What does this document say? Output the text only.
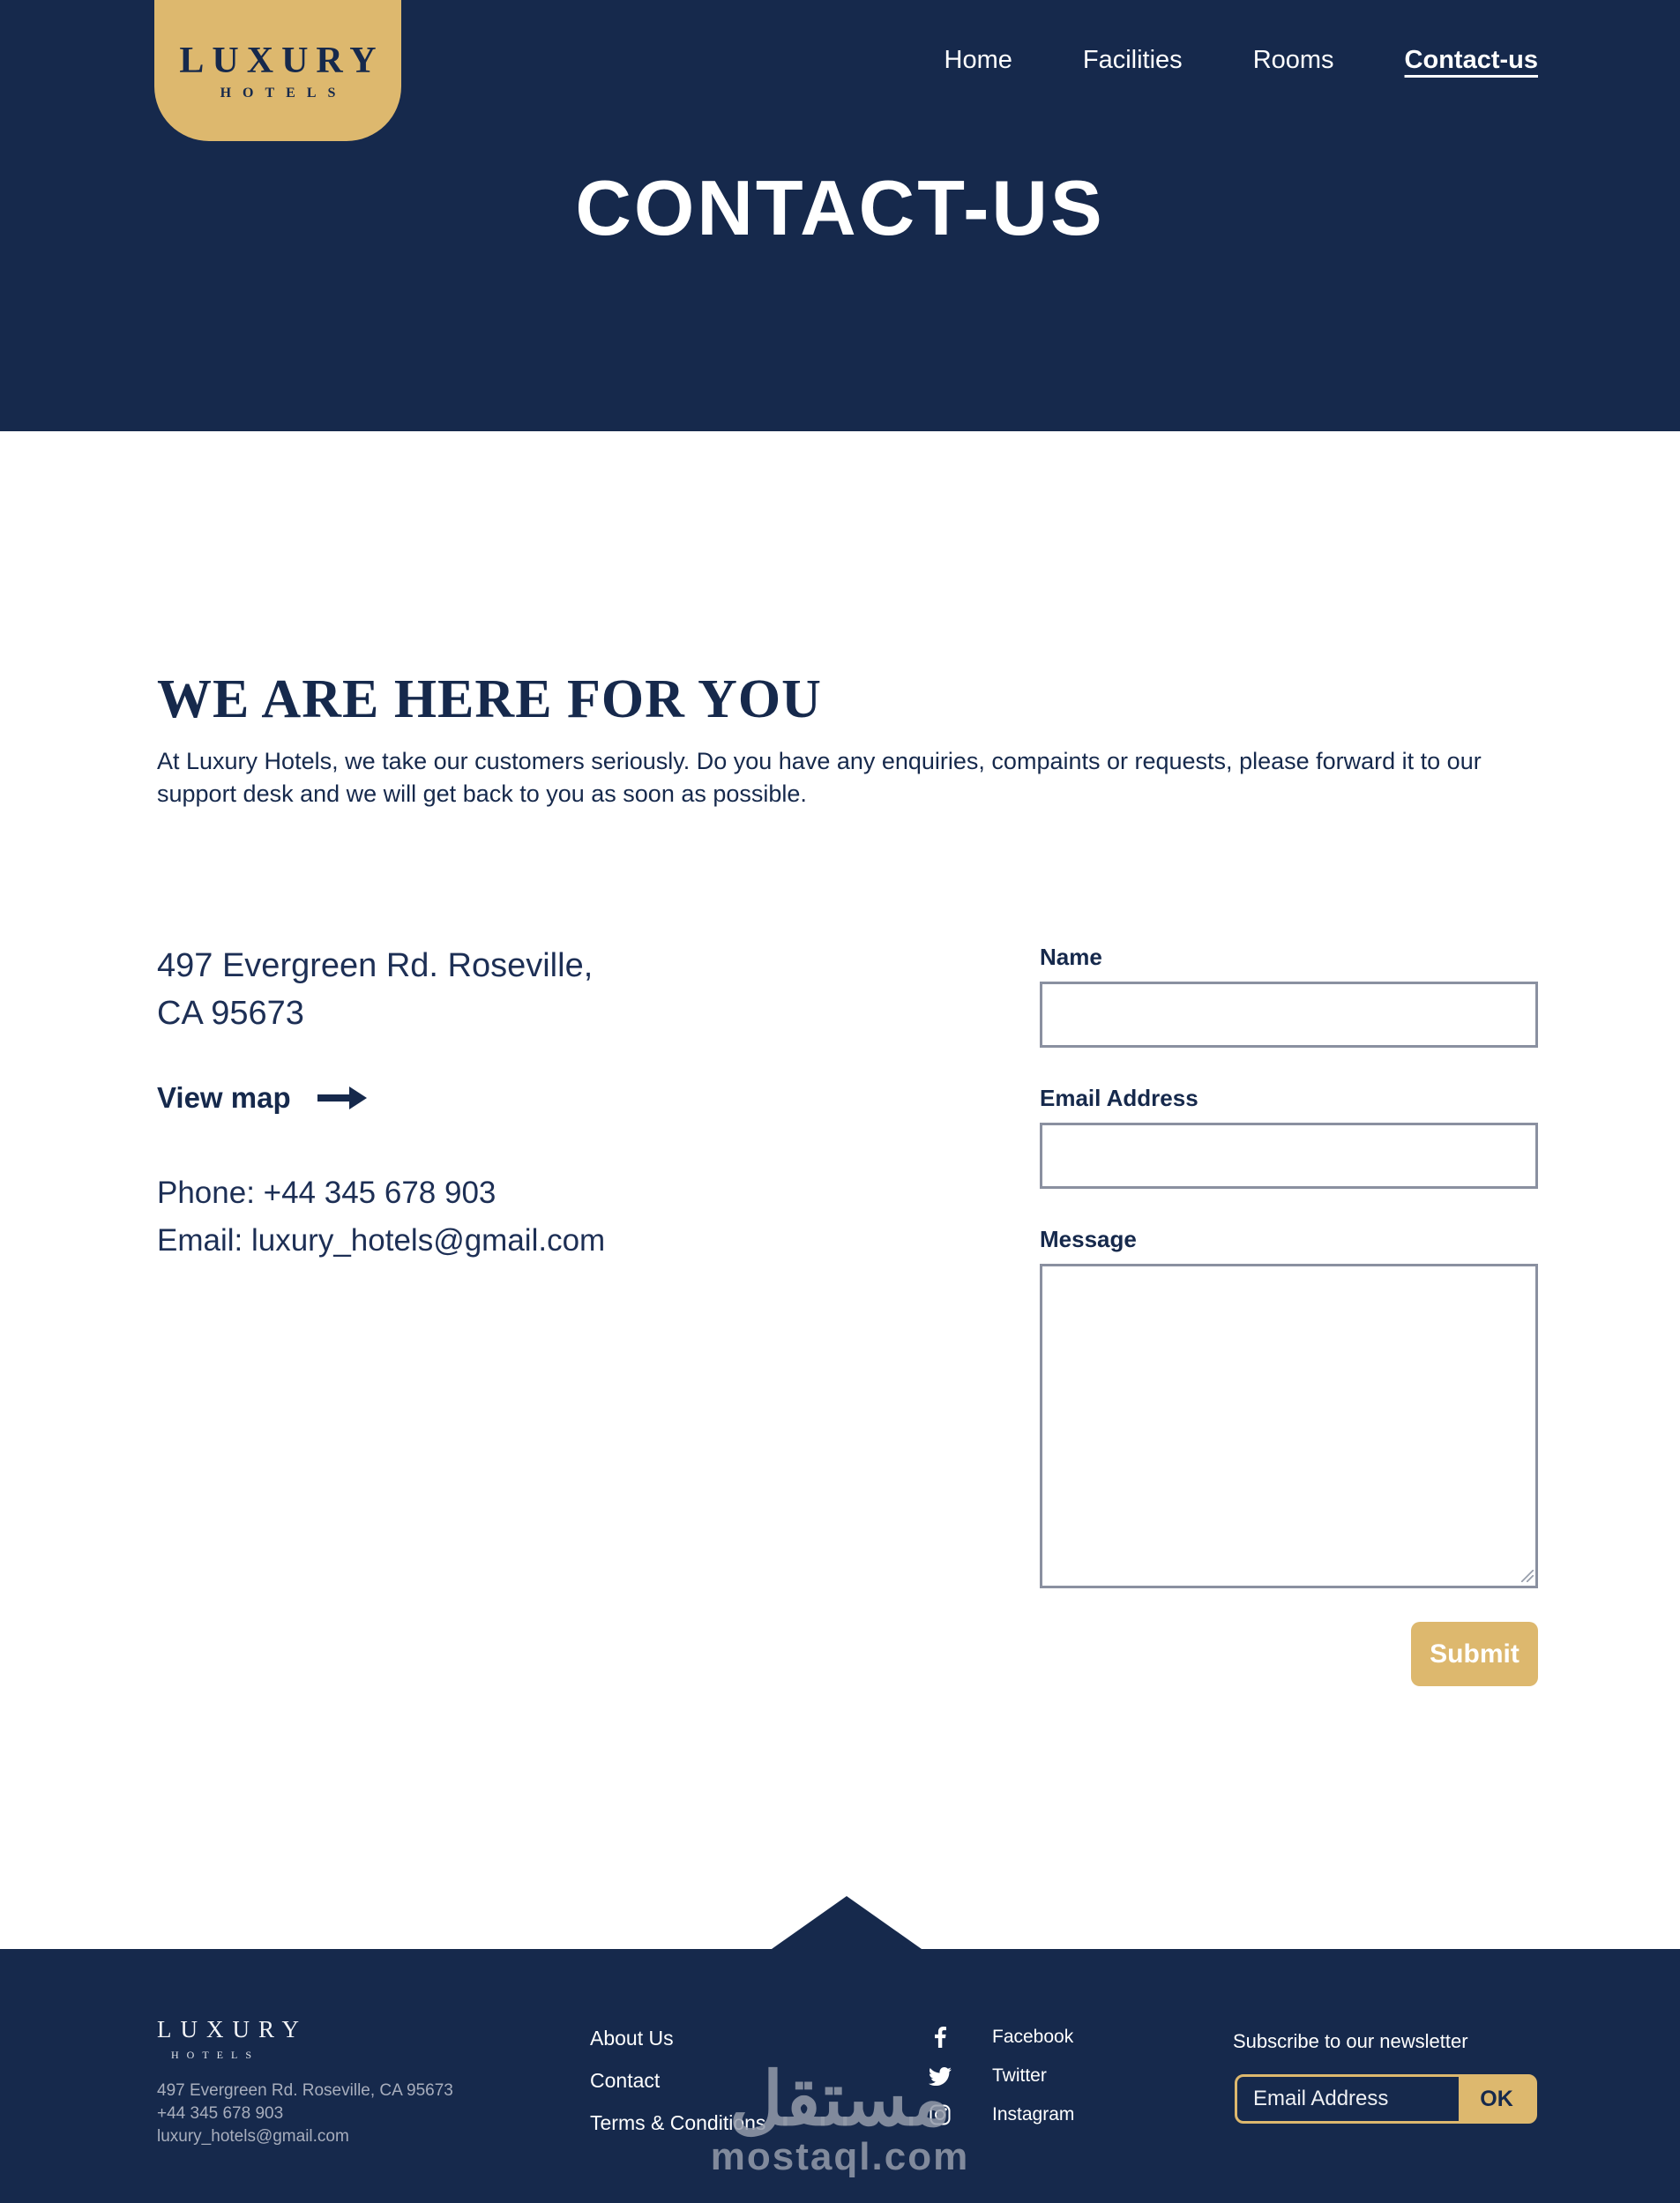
LUXURY
HOTELS
Home	Facilities	Rooms	Contact-us
CONTACT-US
WE ARE HERE FOR YOU

At Luxury Hotels, we take our customers seriously. Do you have any enquiries, compaints or requests, please forward it to our support desk and we will get back to you as soon as possible.

497 Evergreen Rd. Roseville,
CA 95673
View map
Phone: +44 345 678 903
Email: luxury_hotels@gmail.com
Name
Email Address
Message
Submit
LUXURY
HOTELS
497 Evergreen Rd. Roseville, CA 95673
+44 345 678 903
luxury_hotels@gmail.com
About Us
Contact
Terms & Conditions
Facebook
Twitter
Instagram
Subscribe to our newsletter
Email Address
OK
مستقل
mostaql.com
